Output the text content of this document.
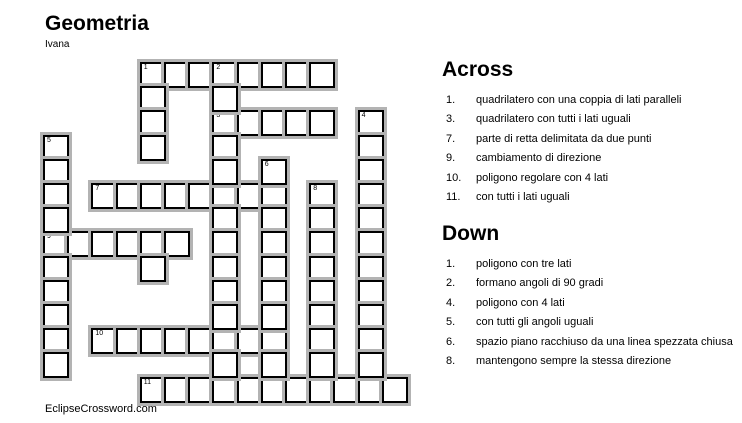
Geometria
Ivana
1	2
3
7
9
10
11
4
5
6
8
Across
1.	quadrilatero con una coppia di lati paralleli
3.	quadrilatero con tutti i lati uguali
7.	parte di retta delimitata da due punti
9.	cambiamento di direzione
10.	poligono regolare con 4 lati
11.	con tutti i lati uguali
Down
1.	poligono con tre lati
2.	formano angoli di 90 gradi
4.	poligono con 4 lati
5.	con tutti gli angoli uguali
6.	spazio piano racchiuso da una linea spezzata chiusa
8.	mantengono sempre la stessa direzione
EclipseCrossword.com
